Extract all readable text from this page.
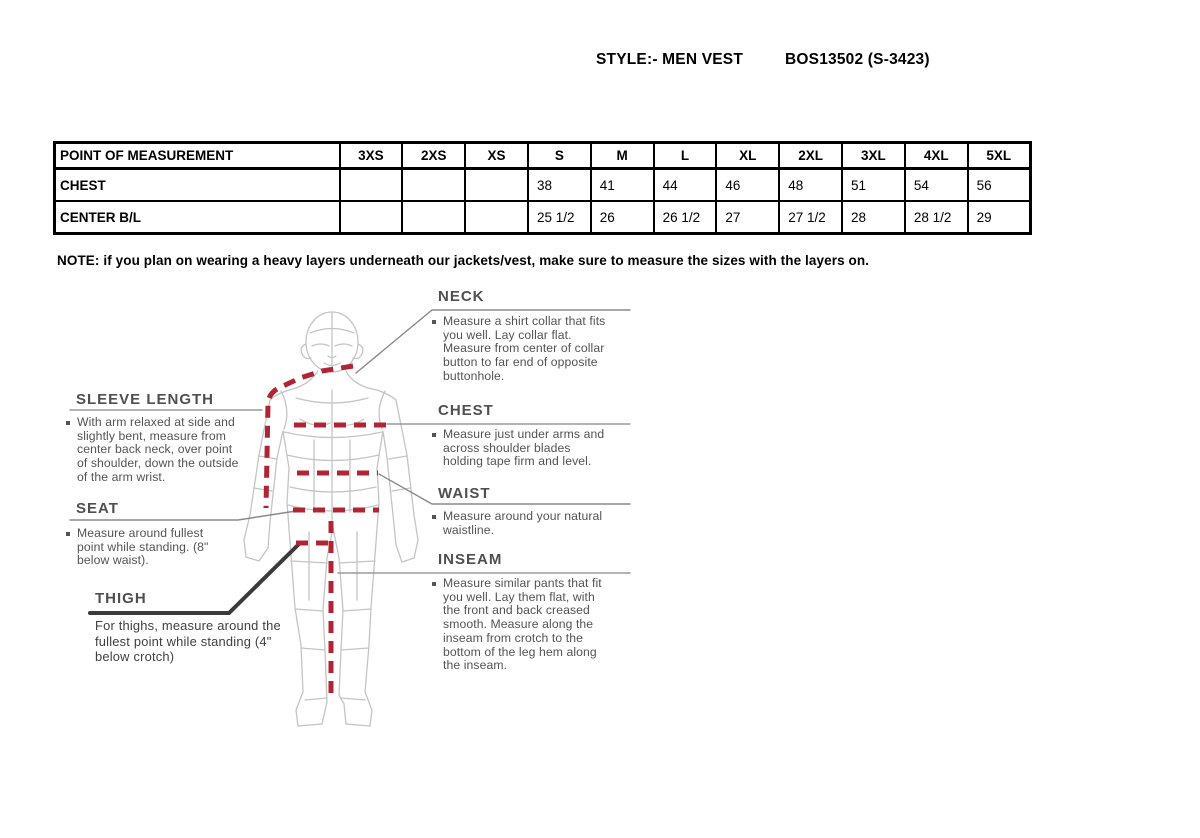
STYLE:- MEN VEST	BOS13502 (S-3423)
POINT OF MEASUREMENT	3XS	2XS	XS	S	M	L	XL	2XL	3XL	4XL	5XL
CHEST				38	41	44	46	48	51	54	56
CENTER B/L				25 1/2	26	26 1/2	27	27 1/2	28	28 1/2	29
NOTE: if you plan on wearing a heavy layers underneath our jackets/vest, make sure to measure the sizes with the layers on.
NECK

Measure a shirt collar that fits you well. Lay collar flat. Measure from center of collar button to far end of opposite buttonhole.

CHEST

Measure just under arms and across shoulder blades holding tape firm and level.

WAIST

Measure around your natural waistline.

INSEAM

Measure similar pants that fit you well. Lay them flat, with the front and back creased smooth. Measure along the inseam from crotch to the bottom of the leg hem along the inseam.

SLEEVE LENGTH

With arm relaxed at side and slightly bent, measure from center back neck, over point of shoulder, down the outside of the arm wrist.

SEAT

Measure around fullest point while standing. (8" below waist).

THIGH

For thighs, measure around the fullest point while standing (4" below crotch)
